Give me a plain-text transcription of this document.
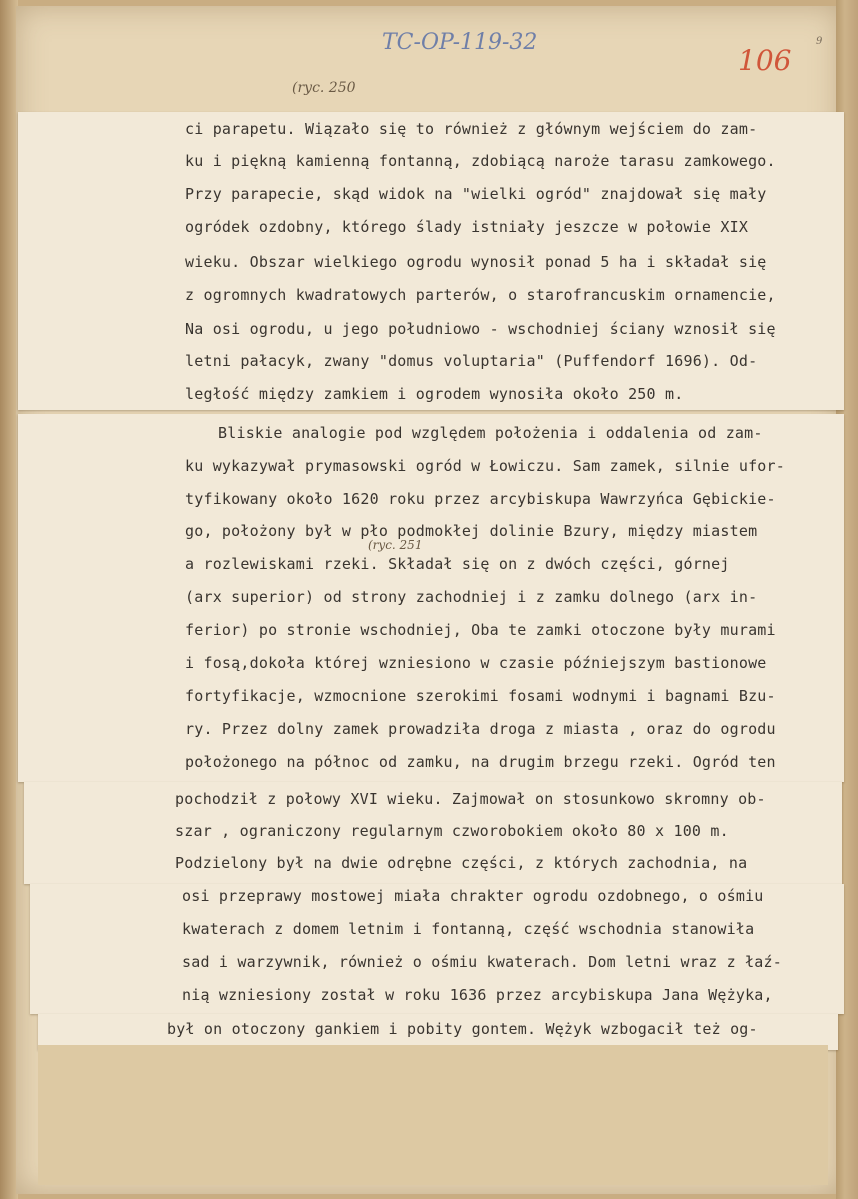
TC-OP-119-32
106
9
(ryc. 250
(ryc. 251
ci parapetu. Wiązało się to również z głównym wejściem do zam-
ku i piękną kamienną fontanną, zdobiącą naroże tarasu zamkowego.
Przy parapecie, skąd widok na "wielki ogród" znajdował się mały
ogródek ozdobny, którego ślady istniały jeszcze w połowie XIX
wieku. Obszar wielkiego ogrodu wynosił ponad 5 ha i składał się
z ogromnych kwadratowych parterów, o starofrancuskim ornamencie,
Na osi ogrodu, u jego południowo - wschodniej ściany wznosił się
letni pałacyk, zwany "domus voluptaria" (Puffendorf 1696). Od-
ległość między zamkiem i ogrodem wynosiła około 250 m.
Bliskie analogie pod względem położenia i oddalenia od zam-
ku wykazywał prymasowski ogród w Łowiczu. Sam zamek, silnie ufor-
tyfikowany około 1620 roku przez arcybiskupa Wawrzyńca Gębickie-
go, położony był w pło podmokłej dolinie Bzury, między miastem
a rozlewiskami rzeki. Składał się on z dwóch części, górnej
(arx superior) od strony zachodniej i z zamku dolnego (arx in-
ferior) po stronie wschodniej, Oba te zamki otoczone były murami
i fosą,dokoła której wzniesiono w czasie późniejszym bastionowe
fortyfikacje, wzmocnione szerokimi fosami wodnymi i bagnami Bzu-
ry. Przez dolny zamek prowadziła droga z miasta , oraz do ogrodu
położonego na północ od zamku, na drugim brzegu rzeki. Ogród ten
pochodził z połowy XVI wieku. Zajmował on stosunkowo skromny ob-
szar , ograniczony regularnym czworobokiem około 80 x 100 m.
Podzielony był na dwie odrębne części, z których zachodnia, na
osi przeprawy mostowej miała chrakter ogrodu ozdobnego, o ośmiu
kwaterach z domem letnim i fontanną, część wschodnia stanowiła
sad i warzywnik, również o ośmiu kwaterach. Dom letni wraz z łaź-
nią wzniesiony został w roku 1636 przez arcybiskupa Jana Wężyka,
był on otoczony gankiem i pobity gontem. Wężyk wzbogacił też og-
